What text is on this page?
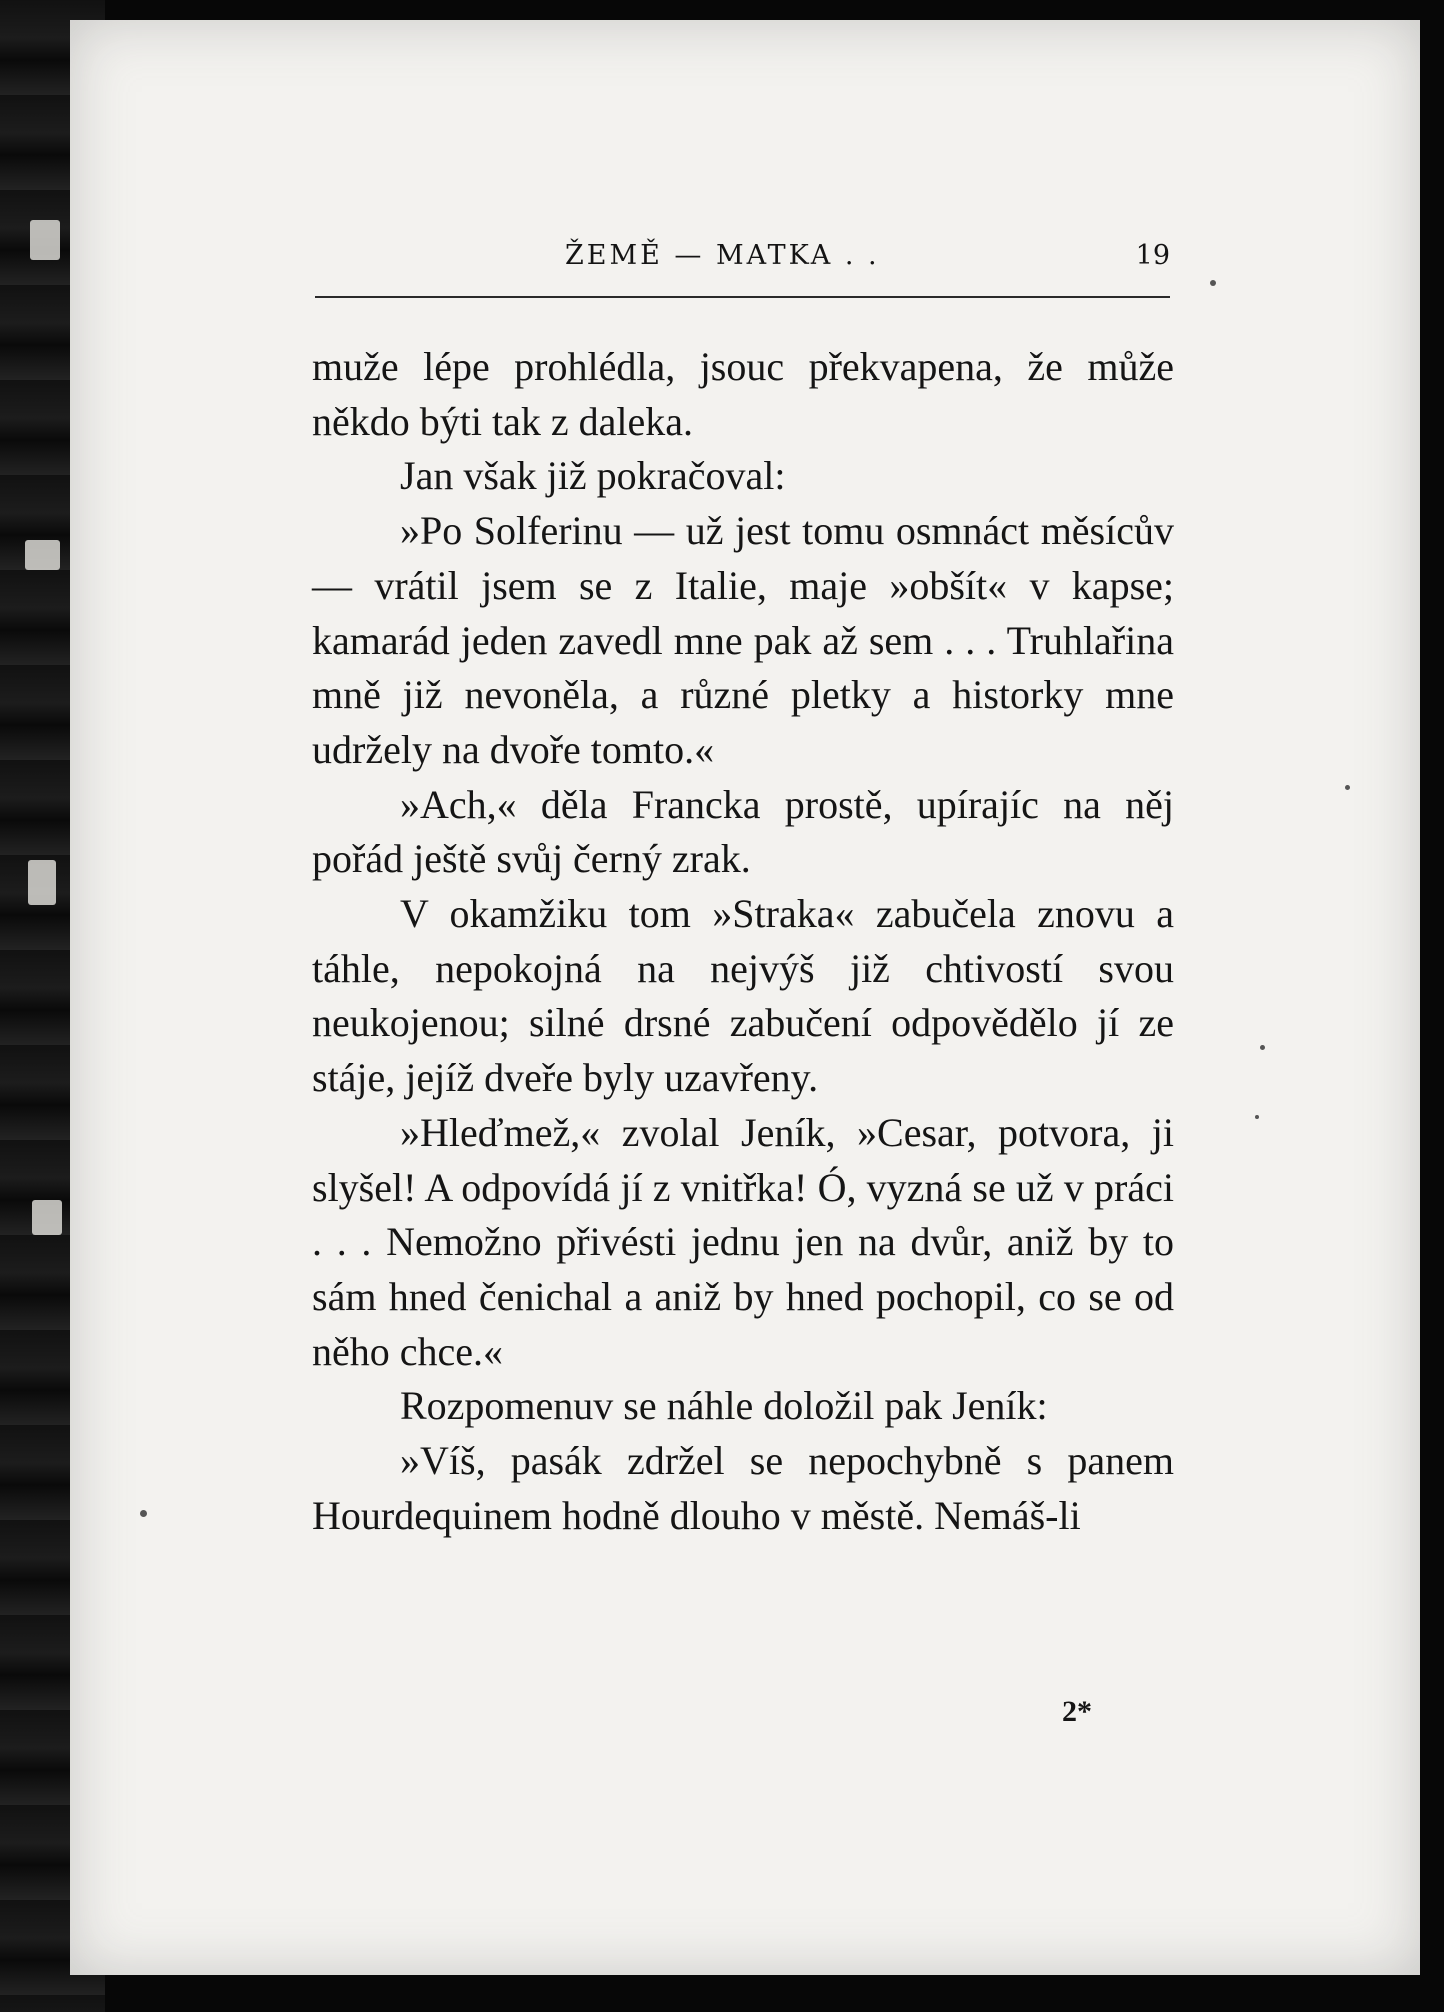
ŽEMĚ — MATKA . .	19

muže lépe prohlédla, jsouc překvapena, že může někdo býti tak z daleka.

Jan však již pokračoval:

»Po Solferinu — už jest tomu osmnáct měsícův — vrátil jsem se z Italie, maje »obšít« v kapse; kamarád jeden zavedl mne pak až sem . . . Truhlařina mně již nevoněla, a různé pletky a historky mne udržely na dvoře tomto.«

»Ach,« děla Francka prostě, upírajíc na něj pořád ještě svůj černý zrak.

V okamžiku tom »Straka« zabučela znovu a táhle, nepokojná na nejvýš již chtivostí svou neukojenou; silné drsné zabučení odpovědělo jí ze stáje, jejíž dveře byly uzavřeny.

»Hleďmež,« zvolal Jeník, »Cesar, potvora, ji slyšel! A odpovídá jí z vnitřka! Ó, vyzná se už v práci . . . Nemožno přivésti jednu jen na dvůr, aniž by to sám hned čenichal a aniž by hned pochopil, co se od něho chce.«

Rozpomenuv se náhle doložil pak Jeník:

»Víš, pasák zdržel se nepochybně s panem Hourdequinem hodně dlouho v městě. Nemáš-li

2*
